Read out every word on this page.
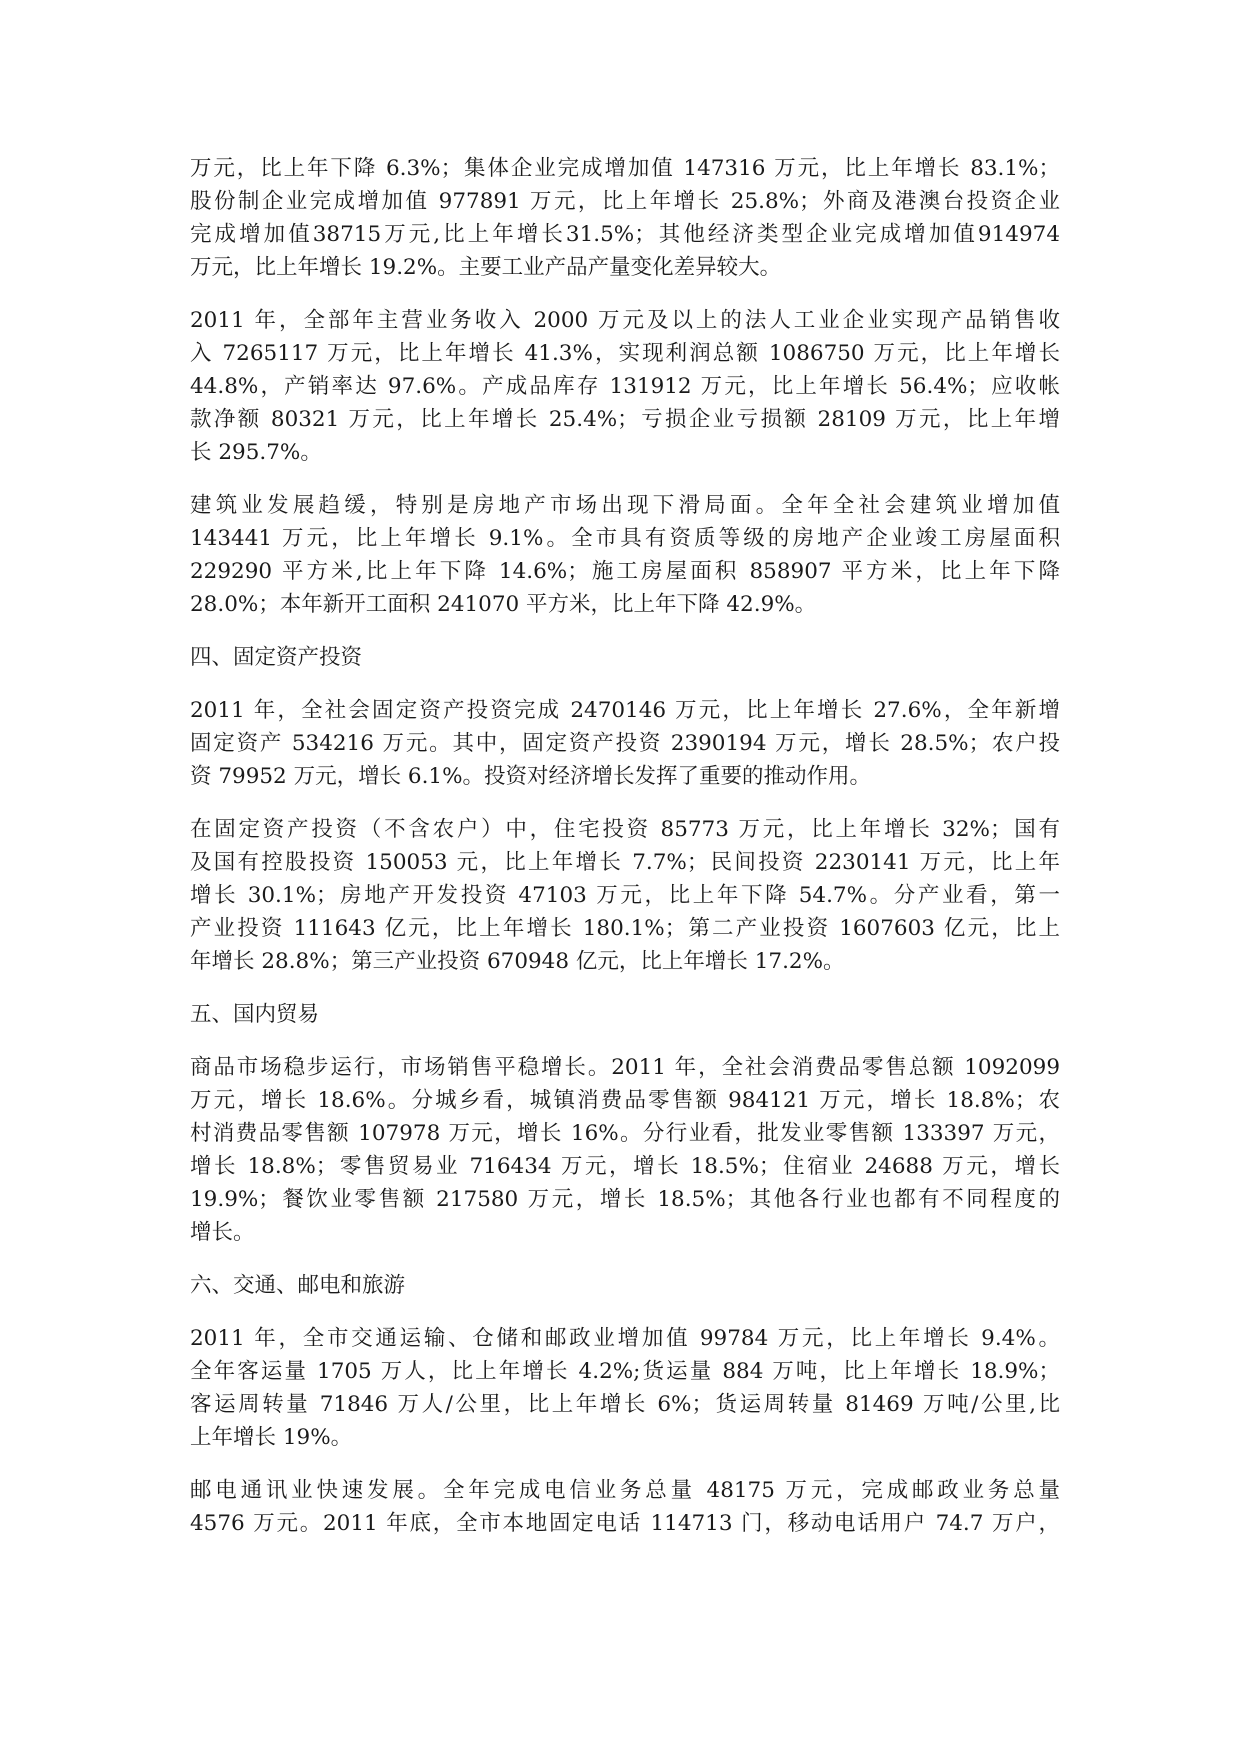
万元，比上年下降 6.3%；集体企业完成增加值 147316 万元，比上年增长 83.1%；
股份制企业完成增加值 977891 万元，比上年增长 25.8%；外商及港澳台投资企业
完成增加值38715万元,比上年增长31.5%；其他经济类型企业完成增加值914974
万元，比上年增长 19.2%。主要工业产品产量变化差异较大。
2011 年，全部年主营业务收入 2000 万元及以上的法人工业企业实现产品销售收
入 7265117 万元，比上年增长 41.3%，实现利润总额 1086750 万元，比上年增长
44.8%，产销率达 97.6%。产成品库存 131912 万元，比上年增长 56.4%；应收帐
款净额 80321 万元，比上年增长 25.4%；亏损企业亏损额 28109 万元，比上年增
长 295.7%。
建筑业发展趋缓，特别是房地产市场出现下滑局面。全年全社会建筑业增加值
143441 万元，比上年增长 9.1%。全市具有资质等级的房地产企业竣工房屋面积
229290 平方米,比上年下降 14.6%；施工房屋面积 858907 平方米，比上年下降
28.0%；本年新开工面积 241070 平方米，比上年下降 42.9%。
四、固定资产投资
2011 年，全社会固定资产投资完成 2470146 万元，比上年增长 27.6%，全年新增
固定资产 534216 万元。其中，固定资产投资 2390194 万元，增长 28.5%；农户投
资 79952 万元，增长 6.1%。投资对经济增长发挥了重要的推动作用。
在固定资产投资（不含农户）中，住宅投资 85773 万元，比上年增长 32%；国有
及国有控股投资 150053 元，比上年增长 7.7%；民间投资 2230141 万元，比上年
增长 30.1%；房地产开发投资 47103 万元，比上年下降 54.7%。分产业看，第一
产业投资 111643 亿元，比上年增长 180.1%；第二产业投资 1607603 亿元，比上
年增长 28.8%；第三产业投资 670948 亿元，比上年增长 17.2%。
五、国内贸易
商品市场稳步运行，市场销售平稳增长。2011 年，全社会消费品零售总额 1092099
万元，增长 18.6%。分城乡看，城镇消费品零售额 984121 万元，增长 18.8%；农
村消费品零售额 107978 万元，增长 16%。分行业看，批发业零售额 133397 万元，
增长 18.8%；零售贸易业 716434 万元，增长 18.5%；住宿业 24688 万元，增长
19.9%；餐饮业零售额 217580 万元，增长 18.5%；其他各行业也都有不同程度的
增长。
六、交通、邮电和旅游
2011 年，全市交通运输、仓储和邮政业增加值 99784 万元，比上年增长 9.4%。
全年客运量 1705 万人，比上年增长 4.2%;货运量 884 万吨，比上年增长 18.9%；
客运周转量 71846 万人/公里，比上年增长 6%；货运周转量 81469 万吨/公里,比
上年增长 19%。
邮电通讯业快速发展。全年完成电信业务总量 48175 万元，完成邮政业务总量
4576 万元。2011 年底，全市本地固定电话 114713 门，移动电话用户 74.7 万户，
